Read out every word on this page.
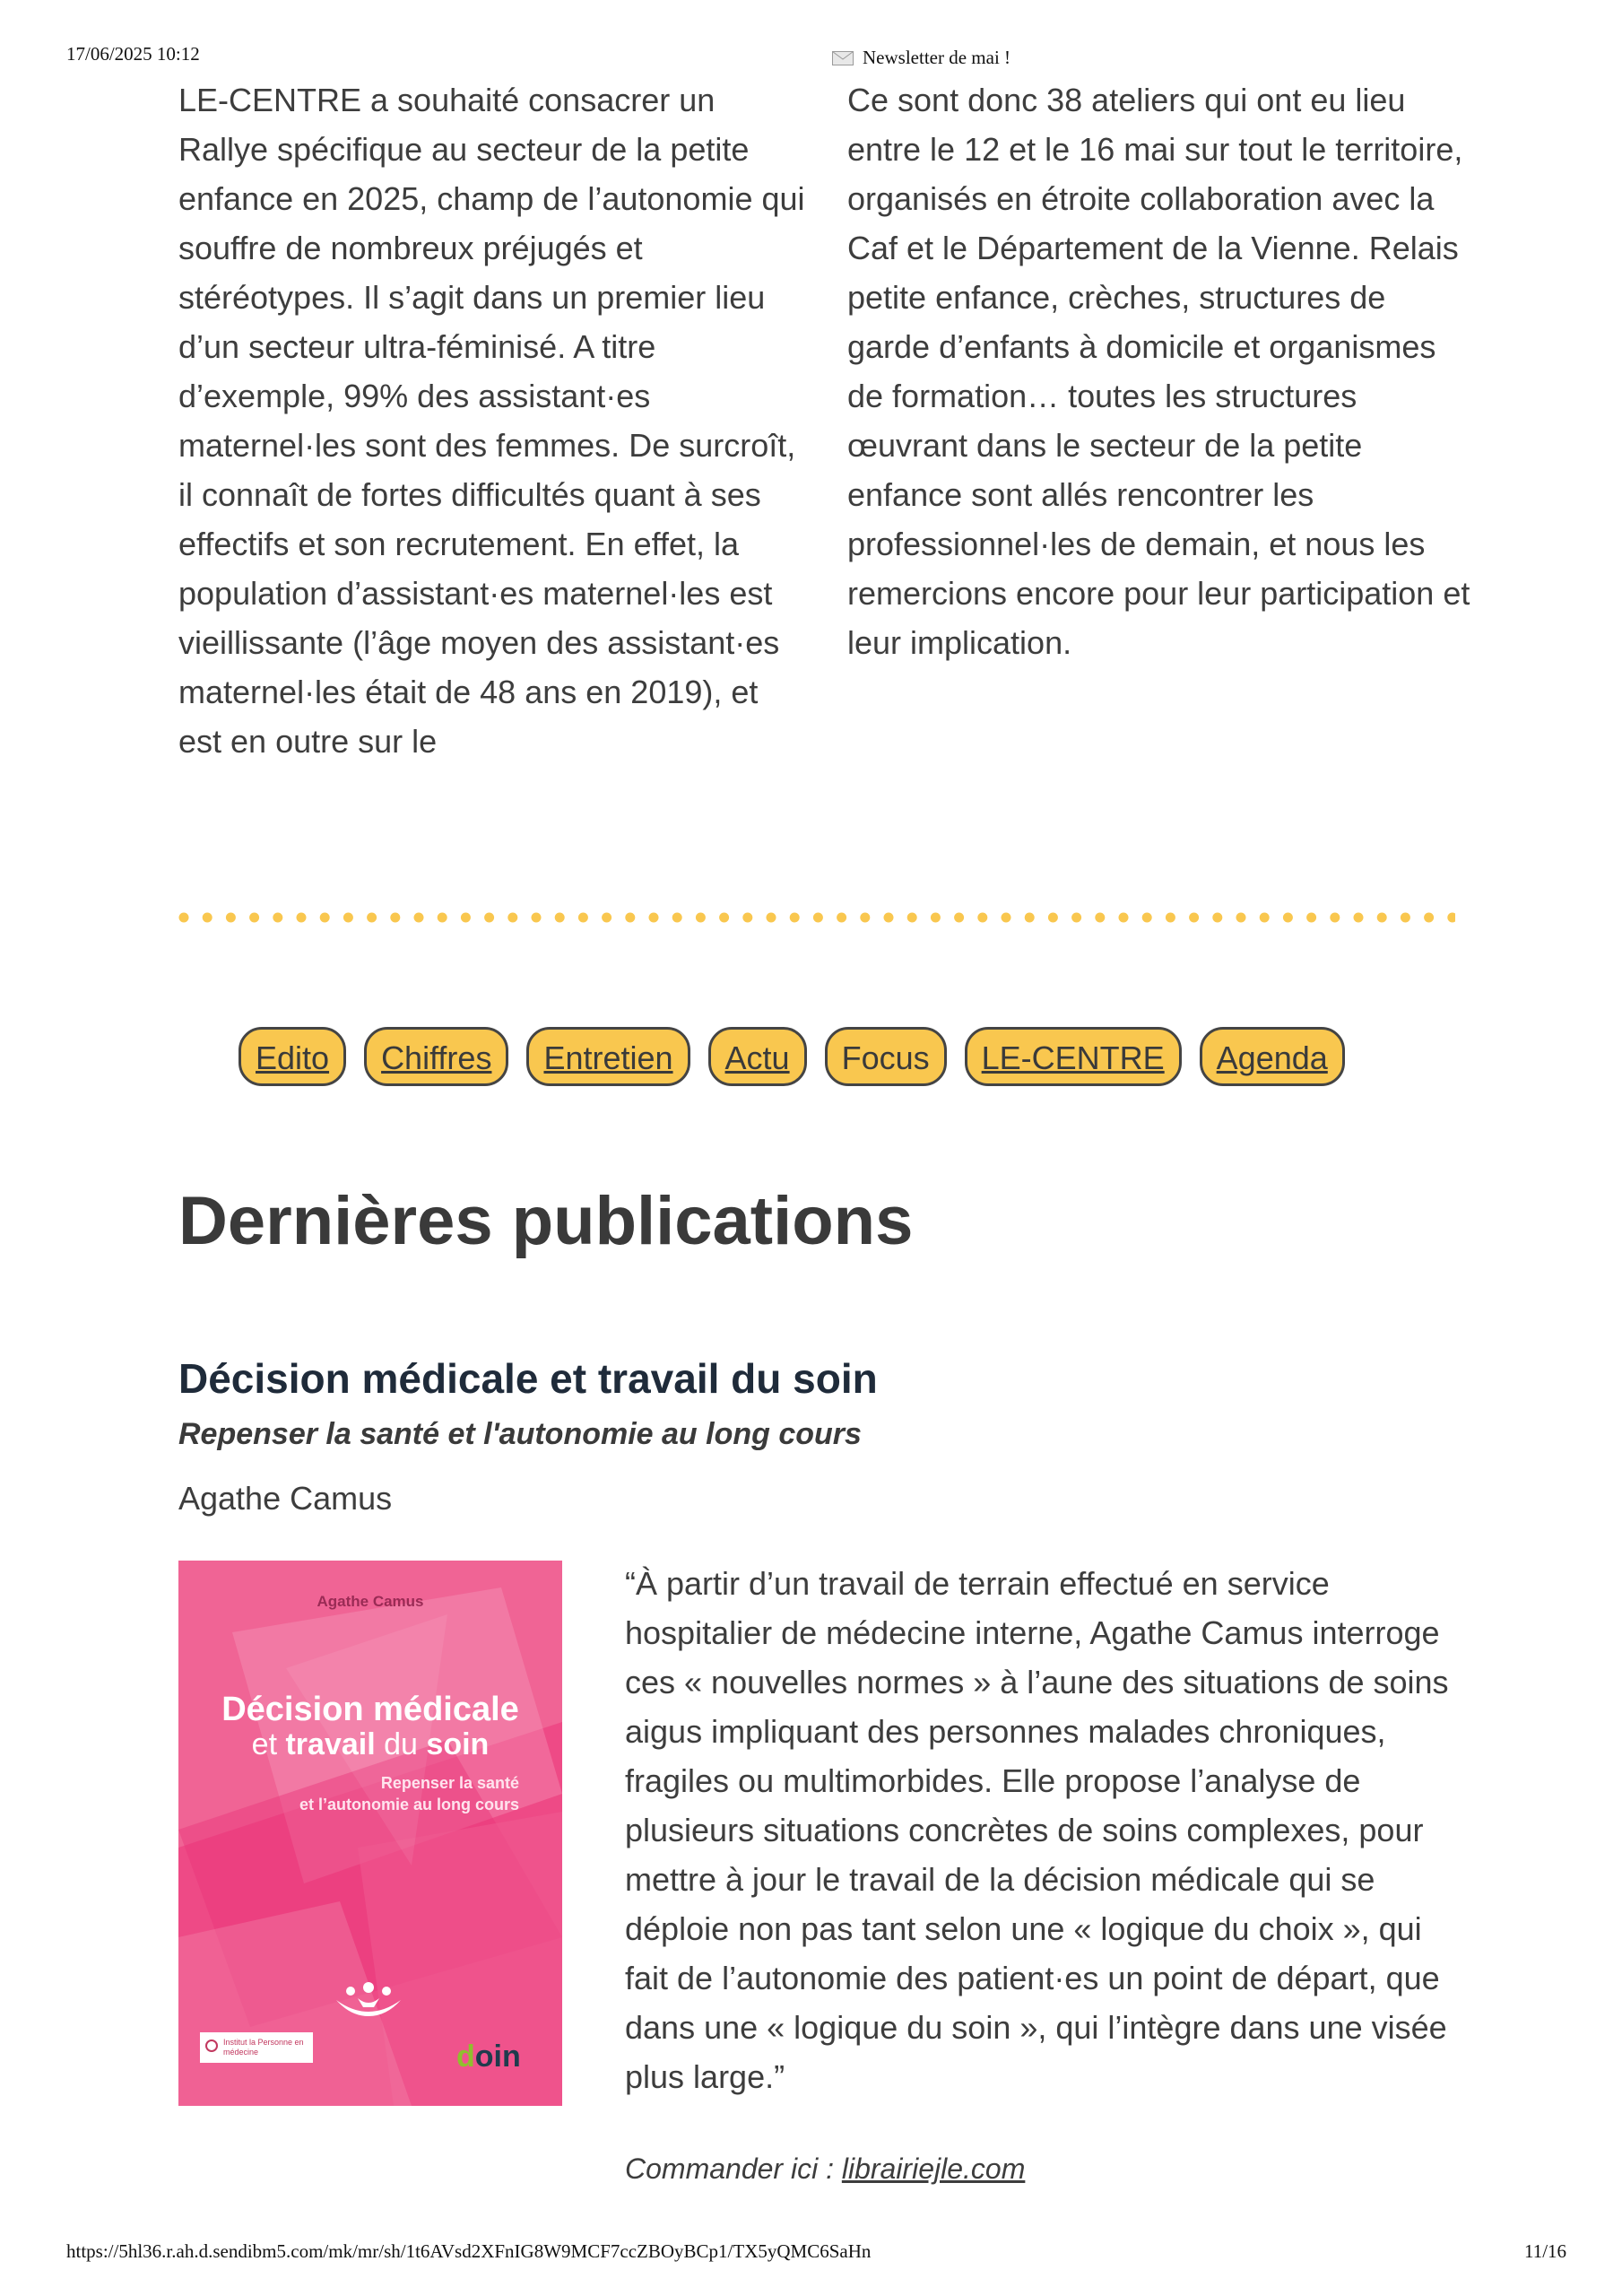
17/06/2025 10:12	Newsletter de mai !

LE-CENTRE a souhaité consacrer un Rallye spécifique au secteur de la petite enfance en 2025, champ de l’autonomie qui souffre de nombreux préjugés et stéréotypes. Il s’agit dans un premier lieu d’un secteur ultra-féminisé. A titre d’exemple, 99% des assistant·es maternel·les sont des femmes. De surcroît, il connaît de fortes difficultés quant à ses effectifs et son recrutement. En effet, la population d’assistant·es maternel·les est vieillissante (l’âge moyen des assistant·es maternel·les était de 48 ans en 2019), et est en outre sur le

Ce sont donc 38 ateliers qui ont eu lieu entre le 12 et le 16 mai sur tout le territoire, organisés en étroite collaboration avec la Caf et le Département de la Vienne. Relais petite enfance, crèches, structures de garde d’enfants à domicile et organismes de formation… toutes les structures œuvrant dans le secteur de la petite enfance sont allés rencontrer les professionnel·les de demain, et nous les remercions encore pour leur participation et leur implication.

Edito	Chiffres	Entretien	Actu	Focus	LE-CENTRE	Agenda
Dernières publications
Décision médicale et travail du soin
Repenser la santé et l'autonomie au long cours
Agathe Camus
Agathe Camus
Décision médicale
et travail du soin
Repenser la santé
et l’autonomie au long cours
Institut la Personne en médecine	doin

“À partir d’un travail de terrain effectué en service hospitalier de médecine interne, Agathe Camus interroge ces « nouvelles normes » à l’aune des situations de soins aigus impliquant des personnes malades chroniques, fragiles ou multimorbides. Elle propose l’analyse de plusieurs situations concrètes de soins complexes, pour mettre à jour le travail de la décision médicale qui se déploie non pas tant selon une « logique du choix », qui fait de l’autonomie des patient·es un point de départ, que dans une « logique du soin », qui l’intègre dans une visée plus large.”

Commander ici : librairiejle.com
https://5hl36.r.ah.d.sendibm5.com/mk/mr/sh/1t6AVsd2XFnIG8W9MCF7ccZBOyBCp1/TX5yQMC6SaHn	11/16
